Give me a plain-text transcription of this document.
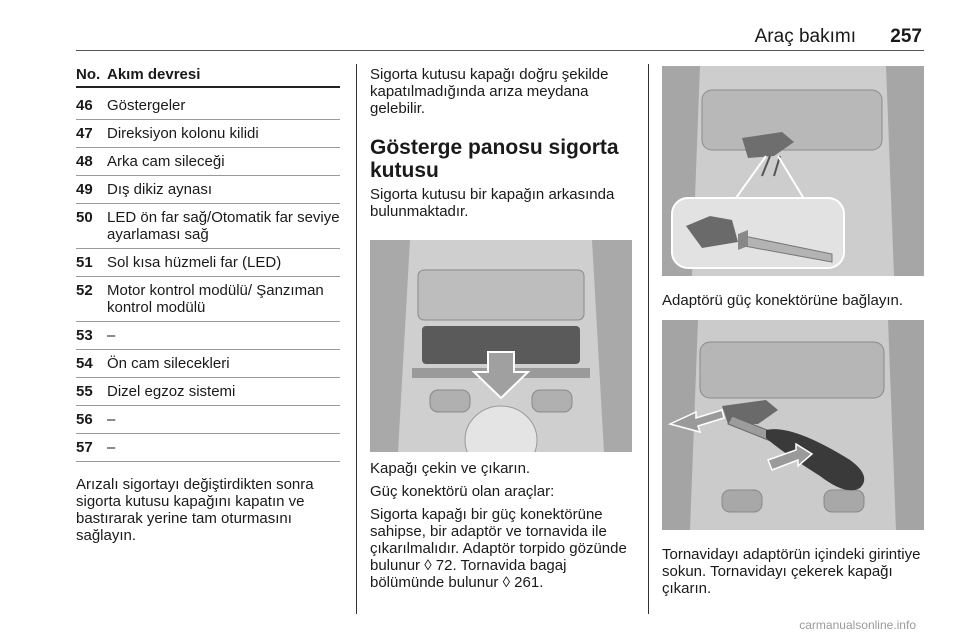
Araç bakımı 257
No. Akım devresi
46 Göstergeler
47 Direksiyon kolonu kilidi
48 Arka cam sileceği
49 Dış dikiz aynası
50 LED ön far sağ/Otomatik far seviye ayarlaması sağ
51 Sol kısa hüzmeli far (LED)
52 Motor kontrol modülü/ Şanzıman kontrol modülü
53 –
54 Ön cam silecekleri
55 Dizel egzoz sistemi
56 –
57 –
Arızalı sigortayı değiştirdikten sonra sigorta kutusu kapağını kapatın ve bastırarak yerine tam oturmasını sağlayın.

Sigorta kutusu kapağı doğru şekilde kapatılmadığında arıza meydana gelebilir.

Gösterge panosu sigorta kutusu

Sigorta kutusu bir kapağın arkasında bulunmaktadır.

Kapağı çekin ve çıkarın.

Güç konektörü olan araçlar:

Sigorta kapağı bir güç konektörüne sahipse, bir adaptör ve tornavida ile çıkarılmalıdır. Adaptör torpido gözünde bulunur ◊ 72. Tornavida bagaj bölümünde bulunur ◊ 261.

Adaptörü güç konektörüne bağlayın.

Tornavidayı adaptörün içindeki girintiye sokun. Tornavidayı çekerek kapağı çıkarın.

carmanualsonline.info
